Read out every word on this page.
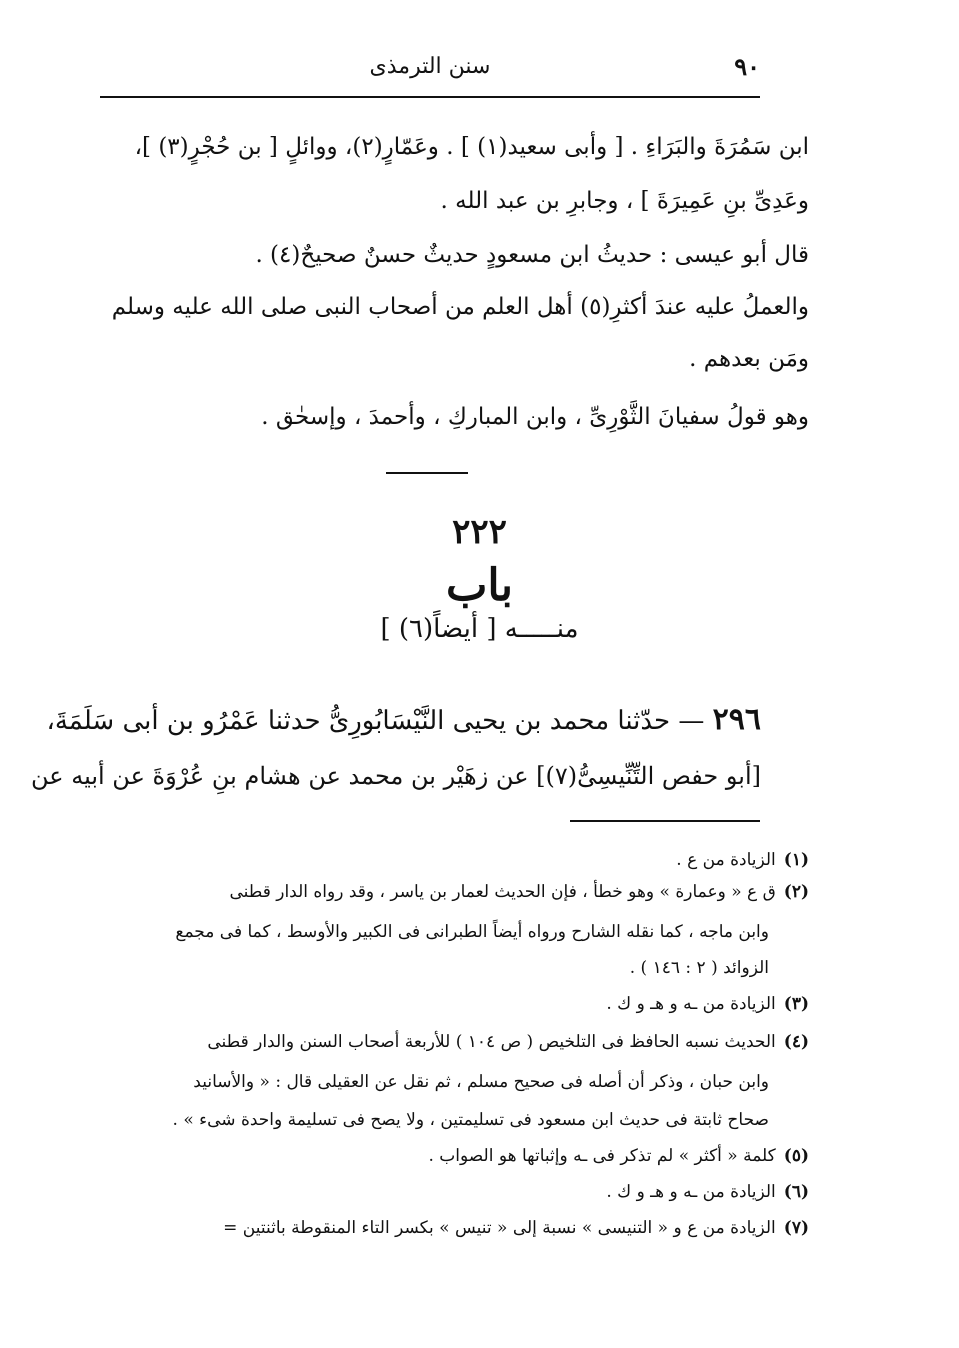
٩٠
سنن الترمذى
ابن سَمُرَةَ والبَرَاءِ . [ وأبى سعيد(١) ] . وعَمّارٍ(٢)، ووائلٍ [ بن حُجْرٍ(٣) ]،
وعَدِىِّ بنِ عَمِيرَةَ ] ، وجابرِ بن عبد الله .
قال أبو عيسى : حديثُ ابن مسعودٍ حديثٌ حسنٌ صحيحٌ(٤) .
والعملُ عليه عندَ أكثرِ(٥) أهل العلم من أصحاب النبى صلى الله عليه وسلم
ومَن بعدهم .
وهو قولُ سفيانَ الثَّوْرِىِّ ، وابن المباركِ ، وأحمدَ ، وإسحٰق .
٢٢٢
باب
منـــــه [ أيضاً(٦) ]
٢٩٦ — حدّثنا محمد بن يحيى النَّيْسَابُورِىُّ حدثنا عَمْرُو بن أبى سَلَمَةَ،
[أبو حفص التِّنِّيسِىُّ(٧)] عن زهَيْر بن محمد عن هشام بنِ عُرْوَةَ عن أبيه عن
(١)الزيادة من ع .
(٢)ق ع « وعمارة » وهو خطأ ، فإن الحديث لعمار بن ياسر ، وقد رواه الدار قطنى
وابن ماجه ، كما نقله الشارح ورواه أيضاً الطبرانى فى الكبير والأوسط ، كما فى مجمع
الزوائد ( ٢ : ١٤٦ ) .
(٣)الزيادة من ـه و هـ و ك .
(٤)الحديث نسبه الحافظ فى التلخيص ( ص ١٠٤ ) للأربعة أصحاب السنن والدار قطنى
وابن حبان ، وذكر أن أصله فى صحيح مسلم ، ثم نقل عن العقيلى قال : « والأسانيد
صحاح ثابتة فى حديث ابن مسعود فى تسليمتين ، ولا يصح فى تسليمة واحدة شىء » .
(٥)كلمة « أكثر » لم تذكر فى ـه وإثباتها هو الصواب .
(٦)الزيادة من ـه و هـ و ك .
(٧)الزيادة من ع و « التنيسى » نسبة إلى « تنيس » بكسر التاء المنقوطة باثنتين =
